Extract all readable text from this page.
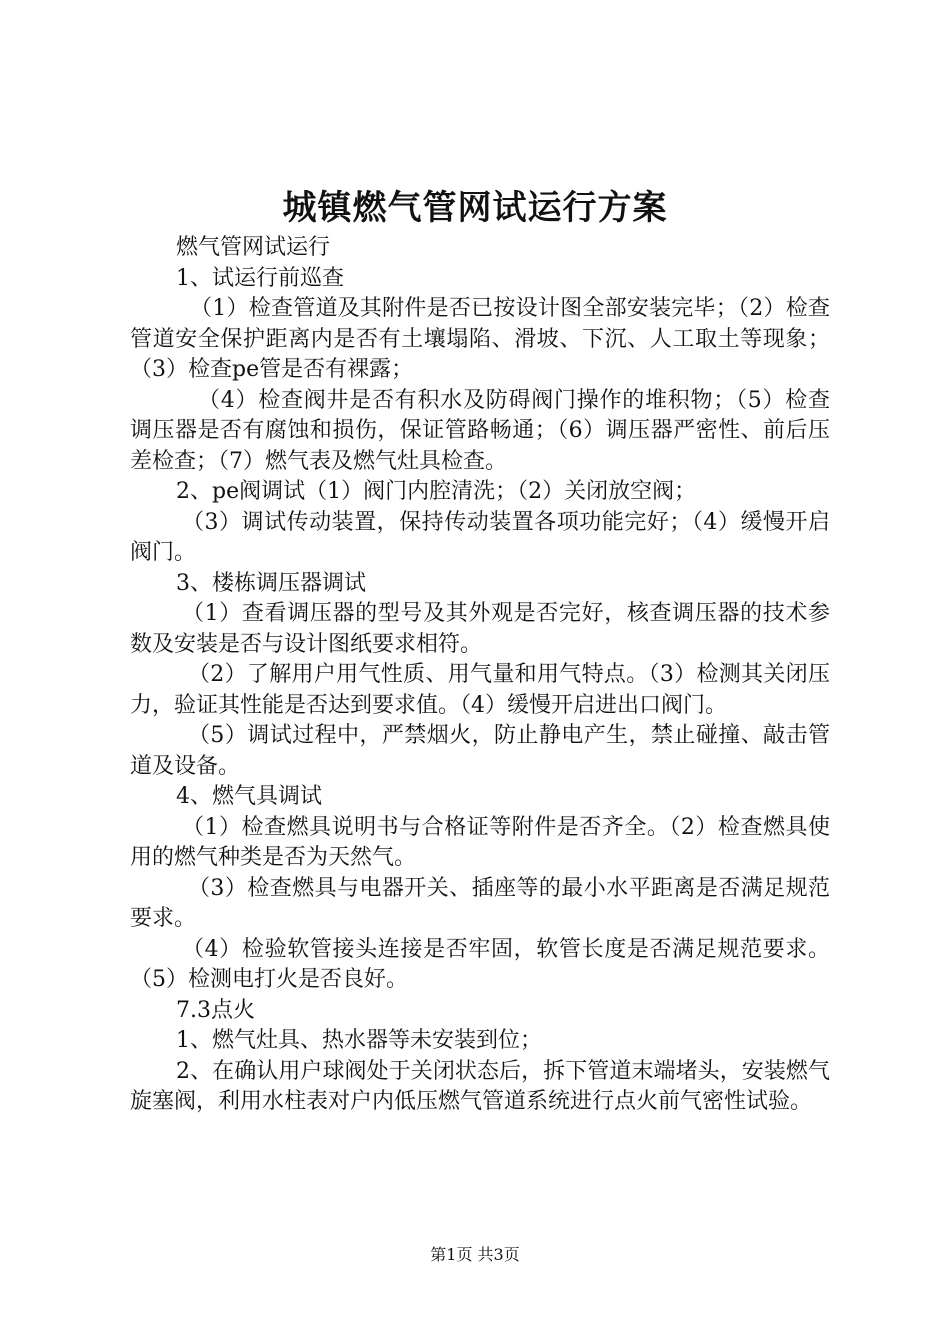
城镇燃气管网试运行方案

燃气管网试运行

1、试运行前巡查

（1）检查管道及其附件是否已按设计图全部安装完毕；（2）检查管道安全保护距离内是否有土壤塌陷、滑坡、下沉、人工取土等现象；（3）检查pe管是否有裸露；

（4）检查阀井是否有积水及防碍阀门操作的堆积物；（5）检查调压器是否有腐蚀和损伤，保证管路畅通；（6）调压器严密性、前后压差检查；（7）燃气表及燃气灶具检查。

2、pe阀调试（1）阀门内腔清洗；（2）关闭放空阀；

（3）调试传动装置，保持传动装置各项功能完好；（4）缓慢开启阀门。

3、楼栋调压器调试

（1）查看调压器的型号及其外观是否完好，核查调压器的技术参数及安装是否与设计图纸要求相符。

（2）了解用户用气性质、用气量和用气特点。（3）检测其关闭压力，验证其性能是否达到要求值。（4）缓慢开启进出口阀门。

（5）调试过程中，严禁烟火，防止静电产生，禁止碰撞、敲击管道及设备。

4、燃气具调试

（1）检查燃具说明书与合格证等附件是否齐全。（2）检查燃具使用的燃气种类是否为天然气。

（3）检查燃具与电器开关、插座等的最小水平距离是否满足规范要求。

（4）检验软管接头连接是否牢固，软管长度是否满足规范要求。（5）检测电打火是否良好。

7.3点火

1、燃气灶具、热水器等未安装到位；

2、在确认用户球阀处于关闭状态后，拆下管道末端堵头，安装燃气旋塞阀，利用水柱表对户内低压燃气管道系统进行点火前气密性试验。

第1页 共3页
